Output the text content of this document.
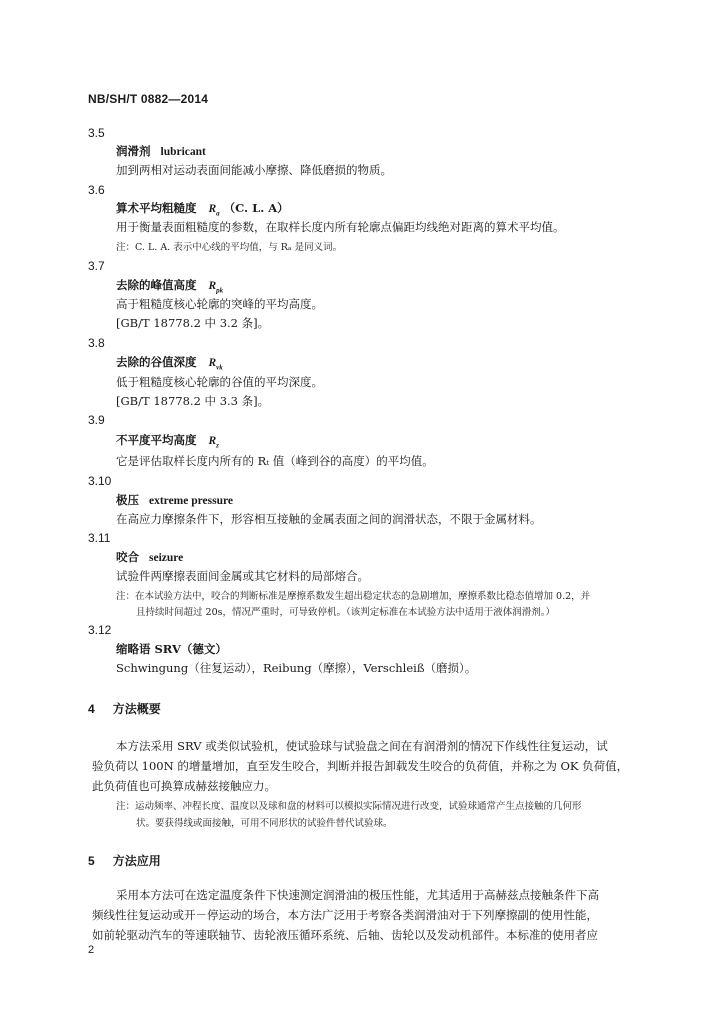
NB/SH/T 0882—2014
3.5
润滑剂 lubricant
加到两相对运动表面间能减小摩擦、降低磨损的物质。
3.6
算术平均粗糙度 $R_a$ （C. L. A）
用于衡量表面粗糙度的参数，在取样长度内所有轮廓点偏距均线绝对距离的算术平均值。
注：C. L. A. 表示中心线的平均值，与 Rₐ 是同义词。
3.7
去除的峰值高度 $R_{pk}$
高于粗糙度核心轮廓的突峰的平均高度。
[GB/T 18778.2 中 3.2 条]。
3.8
去除的谷值深度 $R_{vk}$
低于粗糙度核心轮廓的谷值的平均深度。
[GB/T 18778.2 中 3.3 条]。
3.9
不平度平均高度 $R_z$
它是评估取样长度内所有的 Rₜ 值（峰到谷的高度）的平均值。
3.10
极压 extreme pressure
在高应力摩擦条件下，形容相互接触的金属表面之间的润滑状态，不限于金属材料。
3.11
咬合 seizure
试验件两摩擦表面间金属或其它材料的局部熔合。
注：在本试验方法中，咬合的判断标准是摩擦系数发生超出稳定状态的急剧增加，摩擦系数比稳态值增加 0.2，并
且持续时间超过 20s，情况严重时，可导致停机。（该判定标准在本试验方法中适用于液体润滑剂。）
3.12
缩略语 SRV（德文）
Schwingung（往复运动），Reibung（摩擦），Verschleiß（磨损）。
4 方法概要
本方法采用 SRV 或类似试验机，使试验球与试验盘之间在有润滑剂的情况下作线性往复运动，试
验负荷以 100N 的增量增加，直至发生咬合，判断并报告卸载发生咬合的负荷值，并称之为 OK 负荷值，
此负荷值也可换算成赫兹接触应力。
注：运动频率、冲程长度、温度以及球和盘的材料可以模拟实际情况进行改变，试验球通常产生点接触的几何形
状。要获得线或面接触，可用不同形状的试验件替代试验球。
5 方法应用
采用本方法可在选定温度条件下快速测定润滑油的极压性能，尤其适用于高赫兹点接触条件下高
频线性往复运动或开－停运动的场合，本方法广泛用于考察各类润滑油对于下列摩擦副的使用性能，
如前轮驱动汽车的等速联轴节、齿轮液压循环系统、后轴、齿轮以及发动机部件。本标准的使用者应
2
